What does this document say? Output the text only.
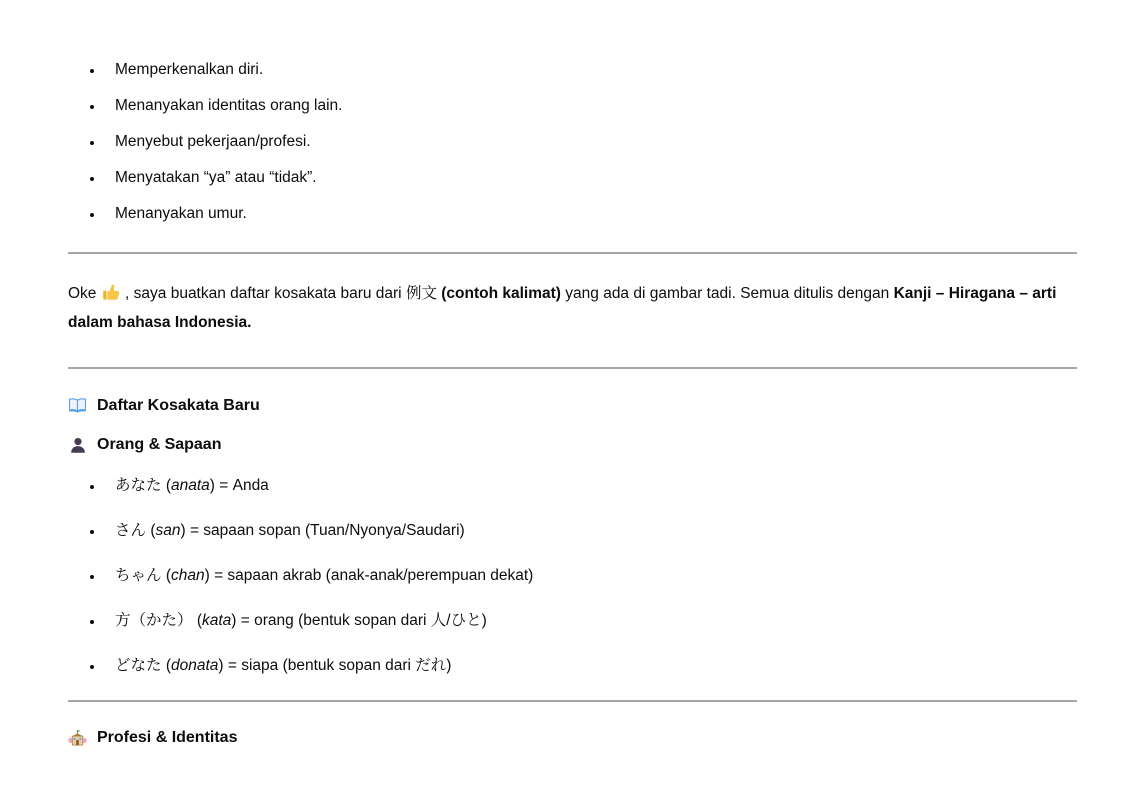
• Memperkenalkan diri.
• Menanyakan identitas orang lain.
• Menyebut pekerjaan/profesi.
• Menyatakan “ya” atau “tidak”.
• Menanyakan umur.

Oke
, saya buatkan daftar kosakata baru dari 例文 (contoh kalimat) yang ada di gambar tadi. Semua ditulis dengan Kanji – Hiragana – arti dalam bahasa Indonesia.

Daftar Kosakata Baru
Orang & Sapaan
• あなた (anata) = Anda
• さん (san) = sapaan sopan (Tuan/Nyonya/Saudari)
• ちゃん (chan) = sapaan akrab (anak-anak/perempuan dekat)
• 方（かた） (kata) = orang (bentuk sopan dari 人/ひと)
• どなた (donata) = siapa (bentuk sopan dari だれ)
Profesi & Identitas
